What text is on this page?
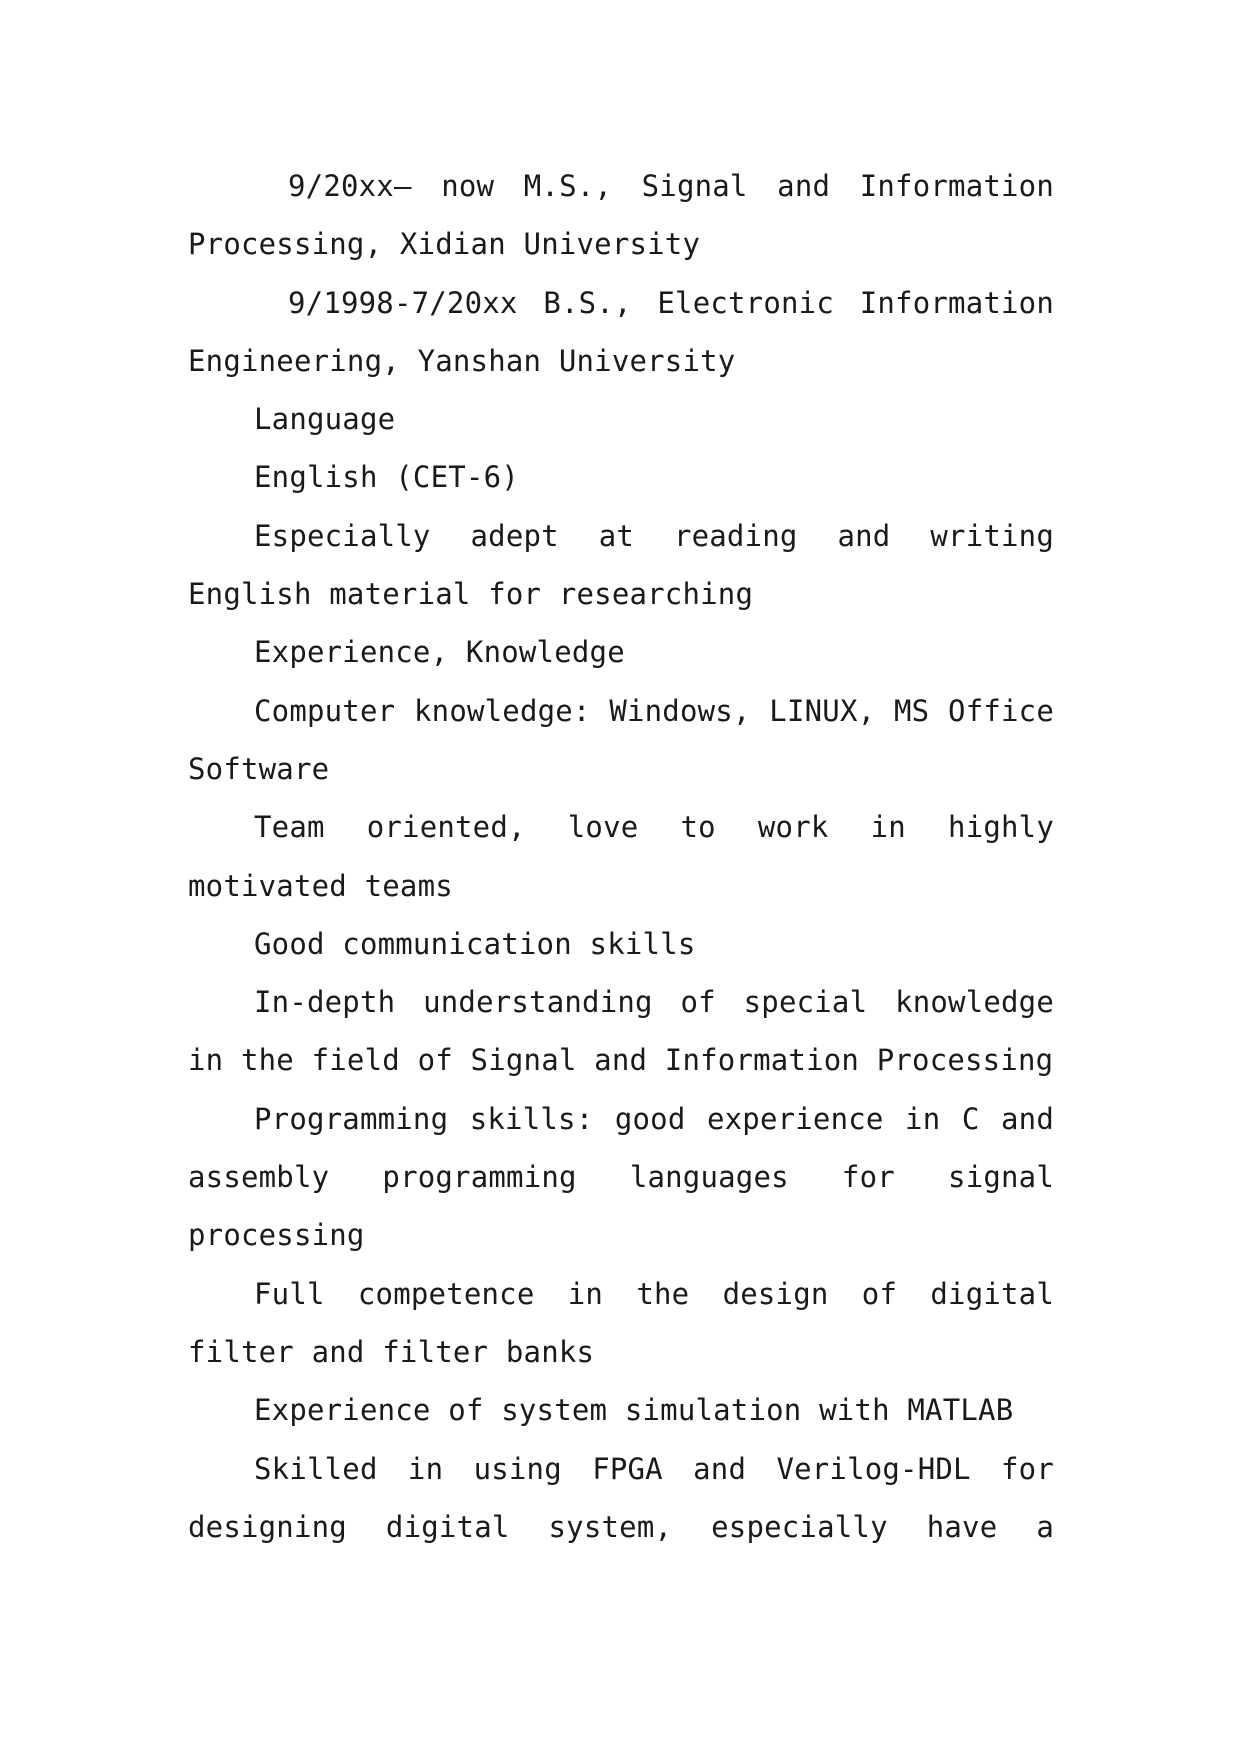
9/20xx– now M.S., Signal and Information Processing, Xidian University

9/1998-7/20xx B.S., Electronic Information Engineering, Yanshan University

Language

English (CET-6)

Especially adept at reading and writing English material for researching

Experience, Knowledge

Computer knowledge: Windows, LINUX, MS Office Software

Team oriented, love to work in highly motivated teams

Good communication skills

In-depth understanding of special knowledge in the field of Signal and Information Processing

Programming skills: good experience in C and assembly programming languages for signal processing

Full competence in the design of digital filter and filter banks

Experience of system simulation with MATLAB

Skilled in using FPGA and Verilog-HDL for designing digital system, especially have a
